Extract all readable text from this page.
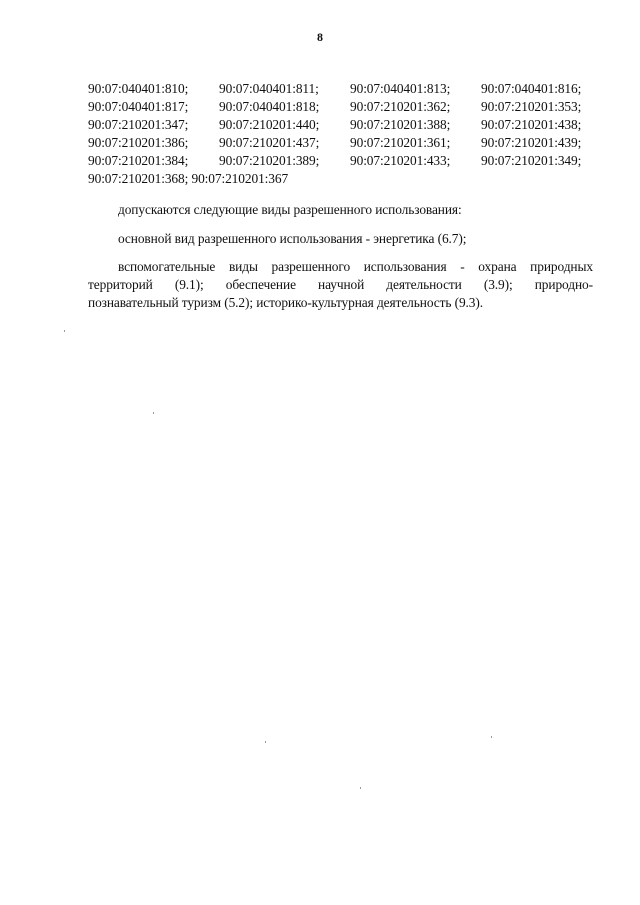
8
90:07:040401:810;	90:07:040401:811;	90:07:040401:813;	90:07:040401:816;
90:07:040401:817;	90:07:040401:818;	90:07:210201:362;	90:07:210201:353;
90:07:210201:347;	90:07:210201:440;	90:07:210201:388;	90:07:210201:438;
90:07:210201:386;	90:07:210201:437;	90:07:210201:361;	90:07:210201:439;
90:07:210201:384;	90:07:210201:389;	90:07:210201:433;	90:07:210201:349;
90:07:210201:368; 90:07:210201:367
допускаются следующие виды разрешенного использования:
основной вид разрешенного использования - энергетика (6.7);
вспомогательные виды разрешенного использования - охрана природных
территорий (9.1); обеспечение научной деятельности (3.9); природно-
познавательный туризм (5.2); историко-культурная деятельность (9.3).
